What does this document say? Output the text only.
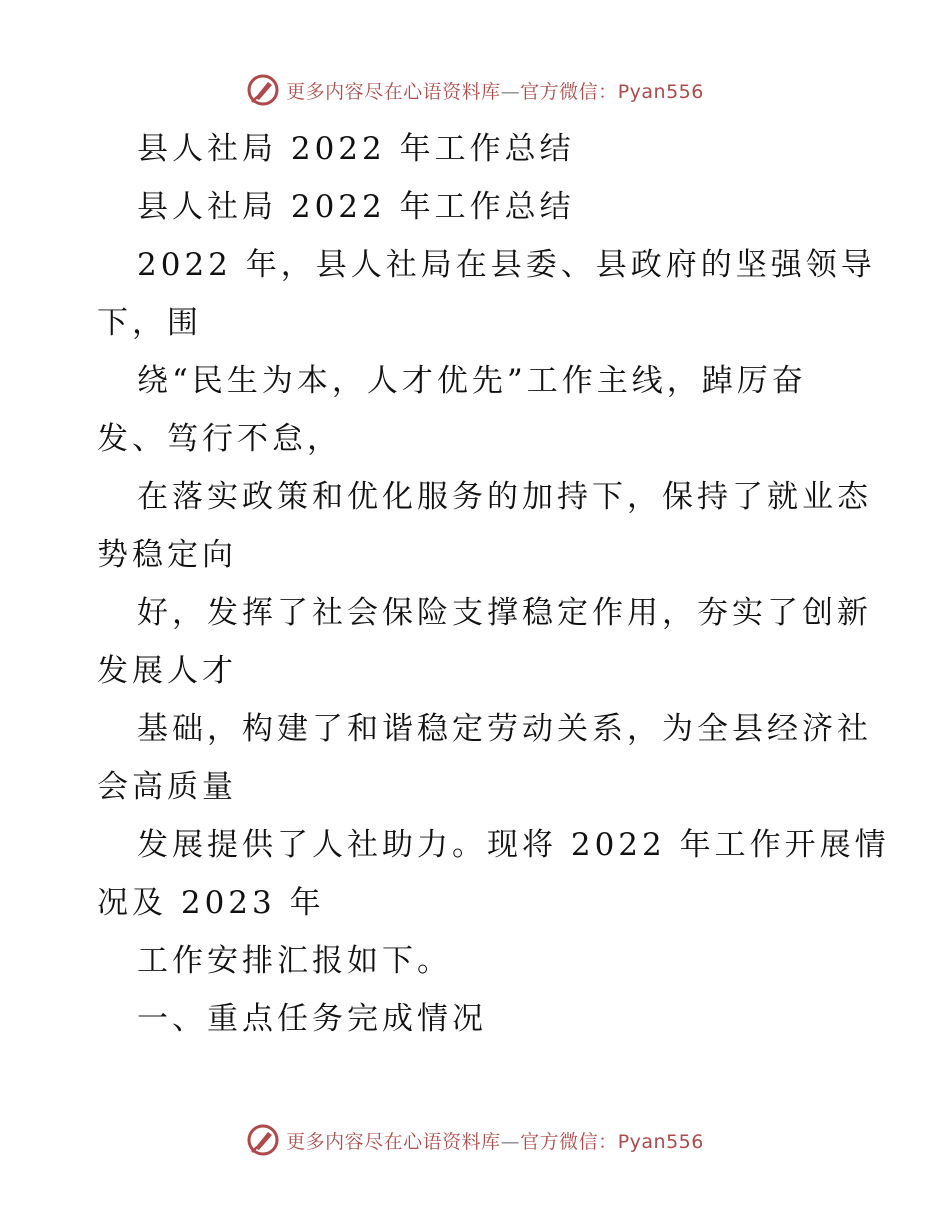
更多内容尽在心语资料库—官方微信：Pyan556
县人社局 2022 年工作总结
县人社局 2022 年工作总结
2022 年，县人社局在县委、县政府的坚强领导
下，围
绕“民生为本，人才优先”工作主线，踔厉奋
发、笃行不怠，
在落实政策和优化服务的加持下，保持了就业态
势稳定向
好，发挥了社会保险支撑稳定作用，夯实了创新
发展人才
基础，构建了和谐稳定劳动关系，为全县经济社
会高质量
发展提供了人社助力。现将 2022 年工作开展情
况及 2023 年
工作安排汇报如下。
一、重点任务完成情况
更多内容尽在心语资料库—官方微信：Pyan556
